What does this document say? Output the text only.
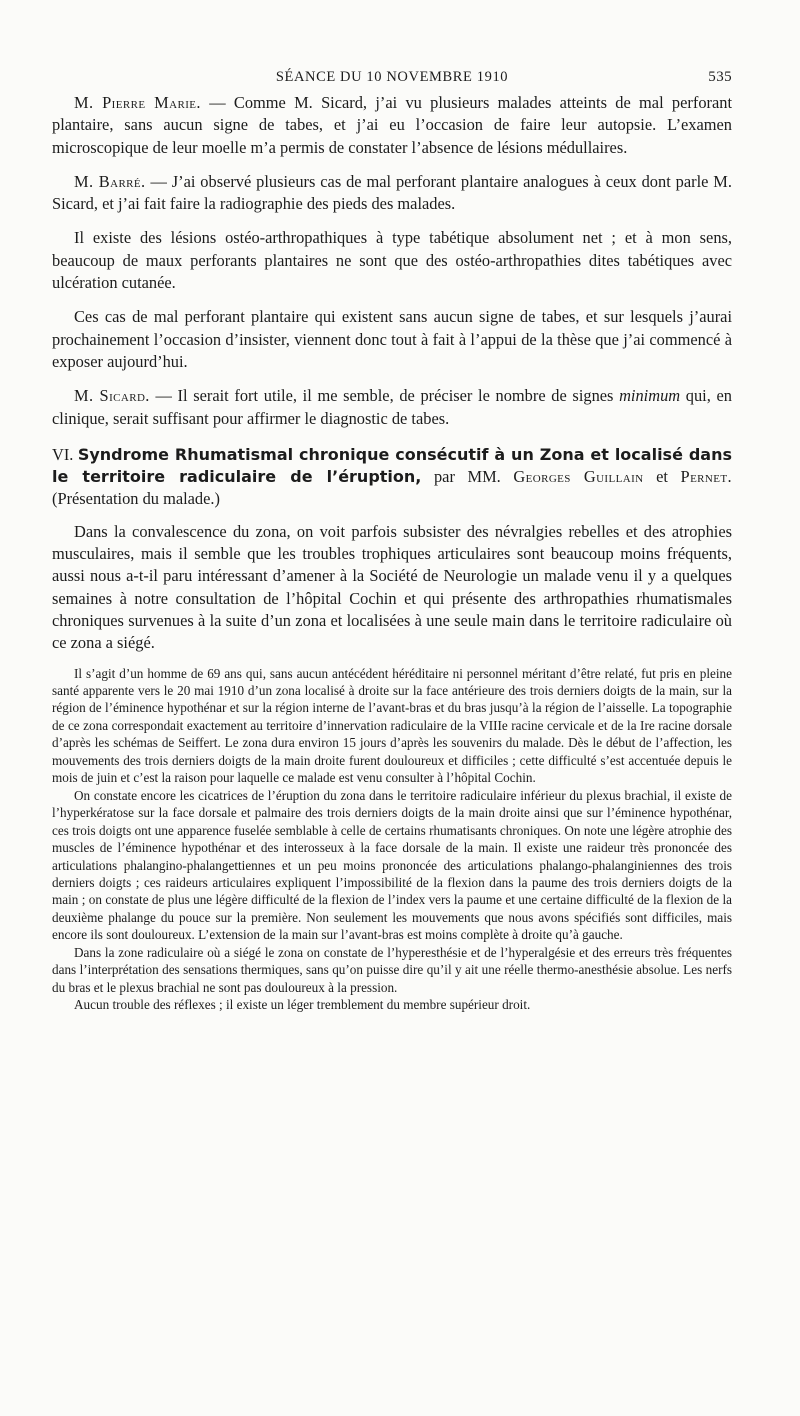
SÉANCE DU 10 NOVEMBRE 1910	535

M. Pierre Marie. — Comme M. Sicard, j’ai vu plusieurs malades atteints de mal perforant plantaire, sans aucun signe de tabes, et j’ai eu l’occasion de faire leur autopsie. L’examen microscopique de leur moelle m’a permis de constater l’absence de lésions médullaires.

M. Barré. — J’ai observé plusieurs cas de mal perforant plantaire analogues à ceux dont parle M. Sicard, et j’ai fait faire la radiographie des pieds des malades.

Il existe des lésions ostéo-arthropathiques à type tabétique absolument net ; et à mon sens, beaucoup de maux perforants plantaires ne sont que des ostéo-arthropathies dites tabétiques avec ulcération cutanée.

Ces cas de mal perforant plantaire qui existent sans aucun signe de tabes, et sur lesquels j’aurai prochainement l’occasion d’insister, viennent donc tout à fait à l’appui de la thèse que j’ai commencé à exposer aujourd’hui.

M. Sicard. — Il serait fort utile, il me semble, de préciser le nombre de signes minimum qui, en clinique, serait suffisant pour affirmer le diagnostic de tabes.

VI. Syndrome Rhumatismal chronique consécutif à un Zona et localisé dans le territoire radiculaire de l’éruption, par MM. Georges Guillain et Pernet. (Présentation du malade.)

Dans la convalescence du zona, on voit parfois subsister des névralgies rebelles et des atrophies musculaires, mais il semble que les troubles trophiques articulaires sont beaucoup moins fréquents, aussi nous a-t-il paru intéressant d’amener à la Société de Neurologie un malade venu il y a quelques semaines à notre consultation de l’hôpital Cochin et qui présente des arthropathies rhumatismales chroniques survenues à la suite d’un zona et localisées à une seule main dans le territoire radiculaire où ce zona a siégé.

Il s’agit d’un homme de 69 ans qui, sans aucun antécédent héréditaire ni personnel méritant d’être relaté, fut pris en pleine santé apparente vers le 20 mai 1910 d’un zona localisé à droite sur la face antérieure des trois derniers doigts de la main, sur la région de l’éminence hypothénar et sur la région interne de l’avant-bras et du bras jusqu’à la région de l’aisselle. La topographie de ce zona correspondait exactement au territoire d’innervation radiculaire de la VIIIe racine cervicale et de la Ire racine dorsale d’après les schémas de Seiffert. Le zona dura environ 15 jours d’après les souvenirs du malade. Dès le début de l’affection, les mouvements des trois derniers doigts de la main droite furent douloureux et difficiles ; cette difficulté s’est accentuée depuis le mois de juin et c’est la raison pour laquelle ce malade est venu consulter à l’hôpital Cochin.

On constate encore les cicatrices de l’éruption du zona dans le territoire radiculaire inférieur du plexus brachial, il existe de l’hyperkératose sur la face dorsale et palmaire des trois derniers doigts de la main droite ainsi que sur l’éminence hypothénar, ces trois doigts ont une apparence fuselée semblable à celle de certains rhumatisants chroniques. On note une légère atrophie des muscles de l’éminence hypothénar et des interosseux à la face dorsale de la main. Il existe une raideur très prononcée des articulations phalangino-phalangettiennes et un peu moins prononcée des articulations phalango-phalanginiennes des trois derniers doigts ; ces raideurs articulaires expliquent l’impossibilité de la flexion dans la paume des trois derniers doigts de la main ; on constate de plus une légère difficulté de la flexion de l’index vers la paume et une certaine difficulté de la flexion de la deuxième phalange du pouce sur la première. Non seulement les mouvements que nous avons spécifiés sont difficiles, mais encore ils sont douloureux. L’extension de la main sur l’avant-bras est moins complète à droite qu’à gauche.

Dans la zone radiculaire où a siégé le zona on constate de l’hyperesthésie et de l’hyperalgésie et des erreurs très fréquentes dans l’interprétation des sensations thermiques, sans qu’on puisse dire qu’il y ait une réelle thermo-anesthésie absolue. Les nerfs du bras et le plexus brachial ne sont pas douloureux à la pression.

Aucun trouble des réflexes ; il existe un léger tremblement du membre supérieur droit.
